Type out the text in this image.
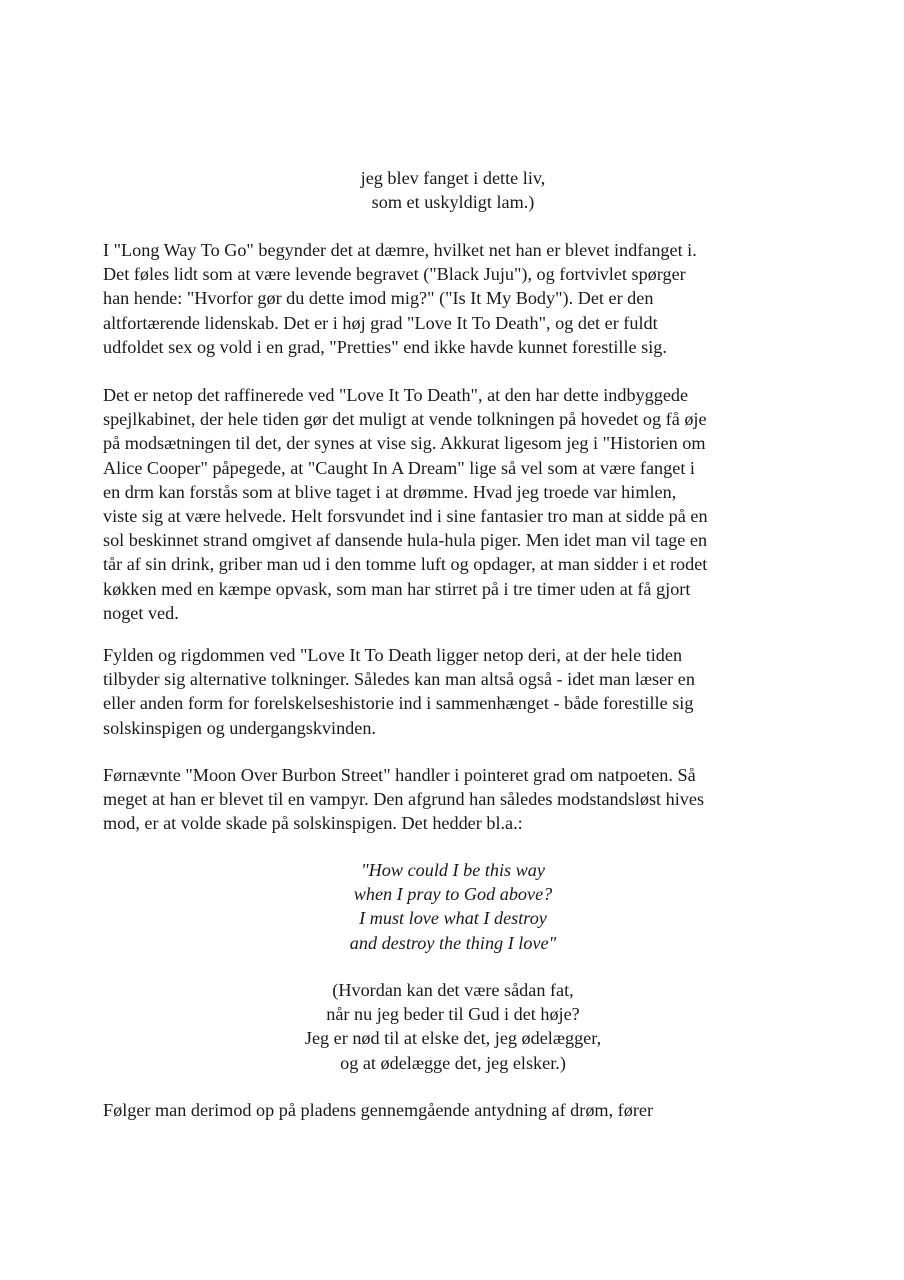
jeg blev fanget i dette liv,
som et uskyldigt lam.)
I "Long Way To Go" begynder det at dæmre, hvilket net han er blevet indfanget i.
Det føles lidt som at være levende begravet ("Black Juju"), og fortvivlet spørger
han hende: "Hvorfor gør du dette imod mig?" ("Is It My Body"). Det er den
altfortærende lidenskab. Det er i høj grad "Love It To Death", og det er fuldt
udfoldet sex og vold i en grad, "Pretties" end ikke havde kunnet forestille sig.
Det er netop det raffinerede ved "Love It To Death", at den har dette indbyggede
spejlkabinet, der hele tiden gør det muligt at vende tolkningen på hovedet og få øje
på modsætningen til det, der synes at vise sig. Akkurat ligesom jeg i "Historien om
Alice Cooper" påpegede, at "Caught In A Dream" lige så vel som at være fanget i
en drm kan forstås som at blive taget i at drømme. Hvad jeg troede var himlen,
viste sig at være helvede. Helt forsvundet ind i sine fantasier tro man at sidde på en
sol beskinnet strand omgivet af dansende hula-hula piger. Men idet man vil tage en
tår af sin drink, griber man ud i den tomme luft og opdager, at man sidder i et rodet
køkken med en kæmpe opvask, som man har stirret på i tre timer uden at få gjort
noget ved.
Fylden og rigdommen ved "Love It To Death ligger netop deri, at der hele tiden
tilbyder sig alternative tolkninger. Således kan man altså også - idet man læser en
eller anden form for forelskelseshistorie ind i sammenhænget - både forestille sig
solskinspigen og undergangskvinden.
Førnævnte "Moon Over Burbon Street" handler i pointeret grad om natpoeten. Så
meget at han er blevet til en vampyr. Den afgrund han således modstandsløst hives
mod, er at volde skade på solskinspigen. Det hedder bl.a.:
"How could I be this way
when I pray to God above?
I must love what I destroy
and destroy the thing I love"
(Hvordan kan det være sådan fat,
når nu jeg beder til Gud i det høje?
Jeg er nød til at elske det, jeg ødelægger,
og at ødelægge det, jeg elsker.)
Følger man derimod op på pladens gennemgående antydning af drøm, fører
